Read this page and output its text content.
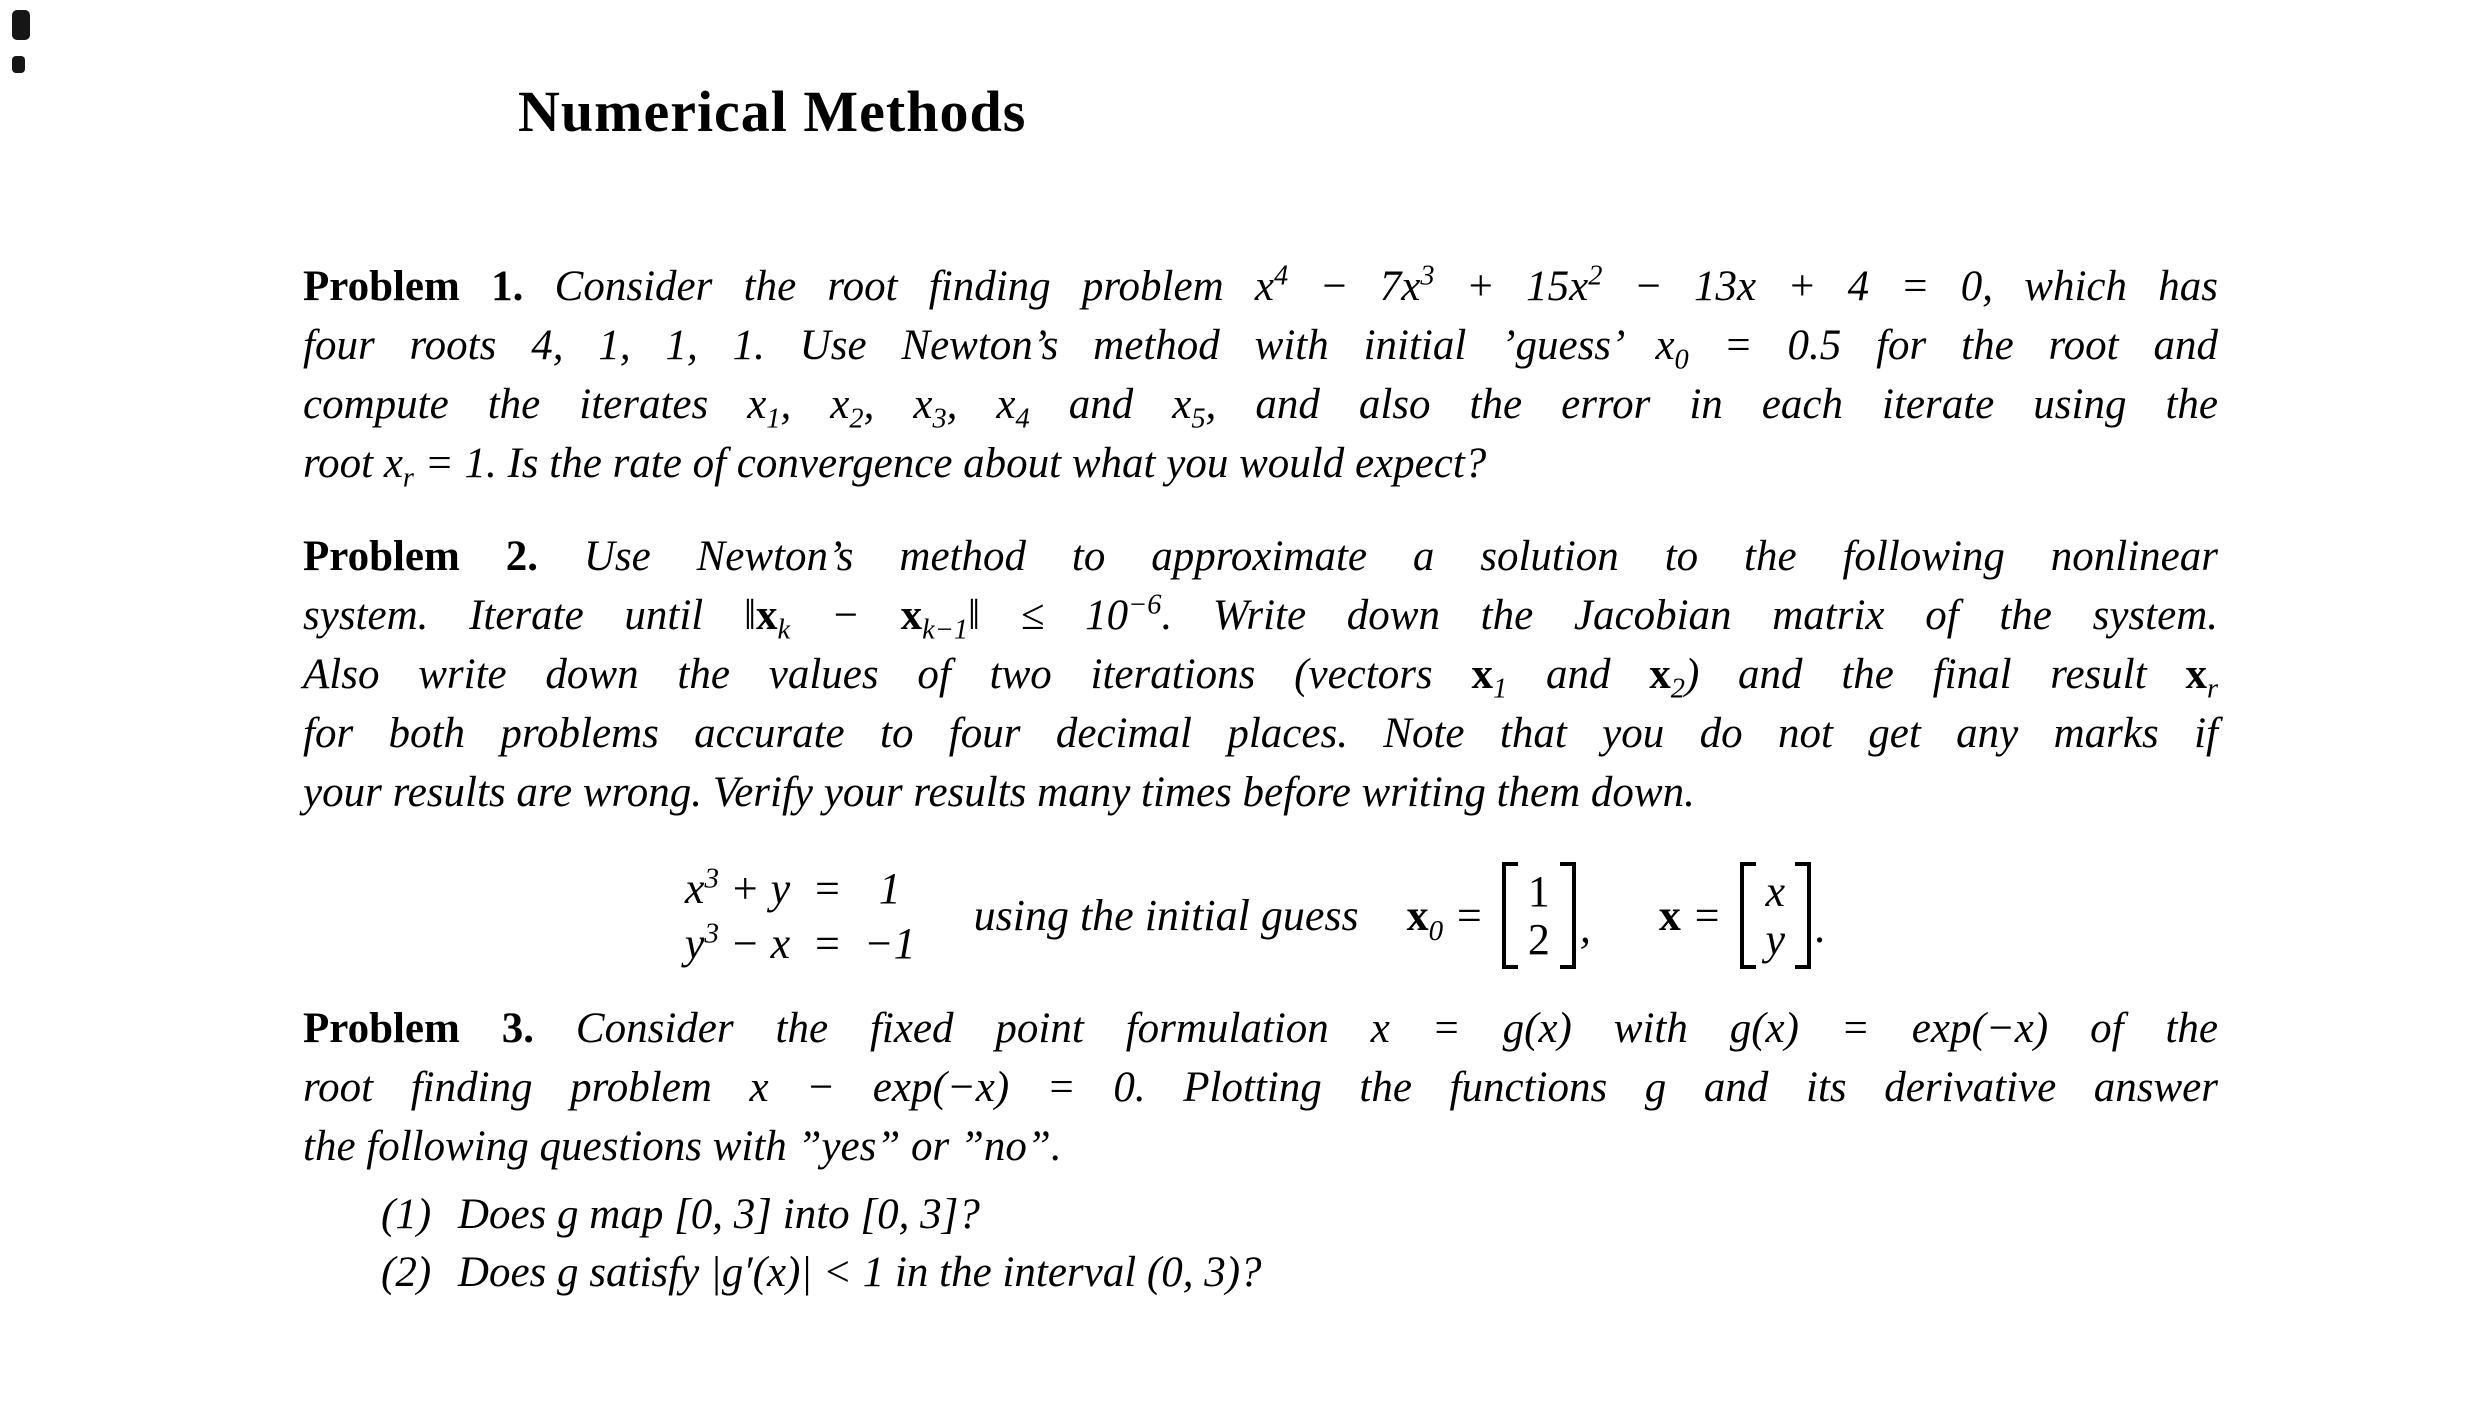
Numerical Methods
Problem 1. Consider the root finding problem $x^4 - 7x^3 + 15x^2 - 13x + 4 = 0$, which has
four roots 4, 1, 1, 1. Use Newton’s method with initial ’guess’ $x_0 = 0.5$ for the root and
compute the iterates $x_1$, $x_2$, $x_3$, $x_4$ and $x_5$, and also the error in each iterate using the
root $x_r = 1$. Is the rate of convergence about what you would expect?
Problem 2. Use Newton’s method to approximate a solution to the following nonlinear
system. Iterate until $‖x_k$ − $x_{k-1}‖ \le 10^{-6}$. Write down the Jacobian matrix of the system.
Also write down the values of two iterations (vectors $x_1$ and $x_2$) and the final result $x_r$
for both problems accurate to four decimal places. Note that you do not get any marks if
your results are wrong. Verify your results many times before writing them down.
$x^3 + y = 1$
$y^3 - x = -1$
using the initial guess $x_0 = 1$
2 , x = x
y .
Problem 3. Consider the fixed point formulation x = g(x) with g(x) = exp(−x) of the
root finding problem x − exp(−x) = 0. Plotting the functions g and its derivative answer
the following questions with ”yes” or ”no”.
(1) Does g map [0, 3] into [0, 3]?
(2) Does g satisfy |g′(x)| < 1 in the interval (0, 3)?
